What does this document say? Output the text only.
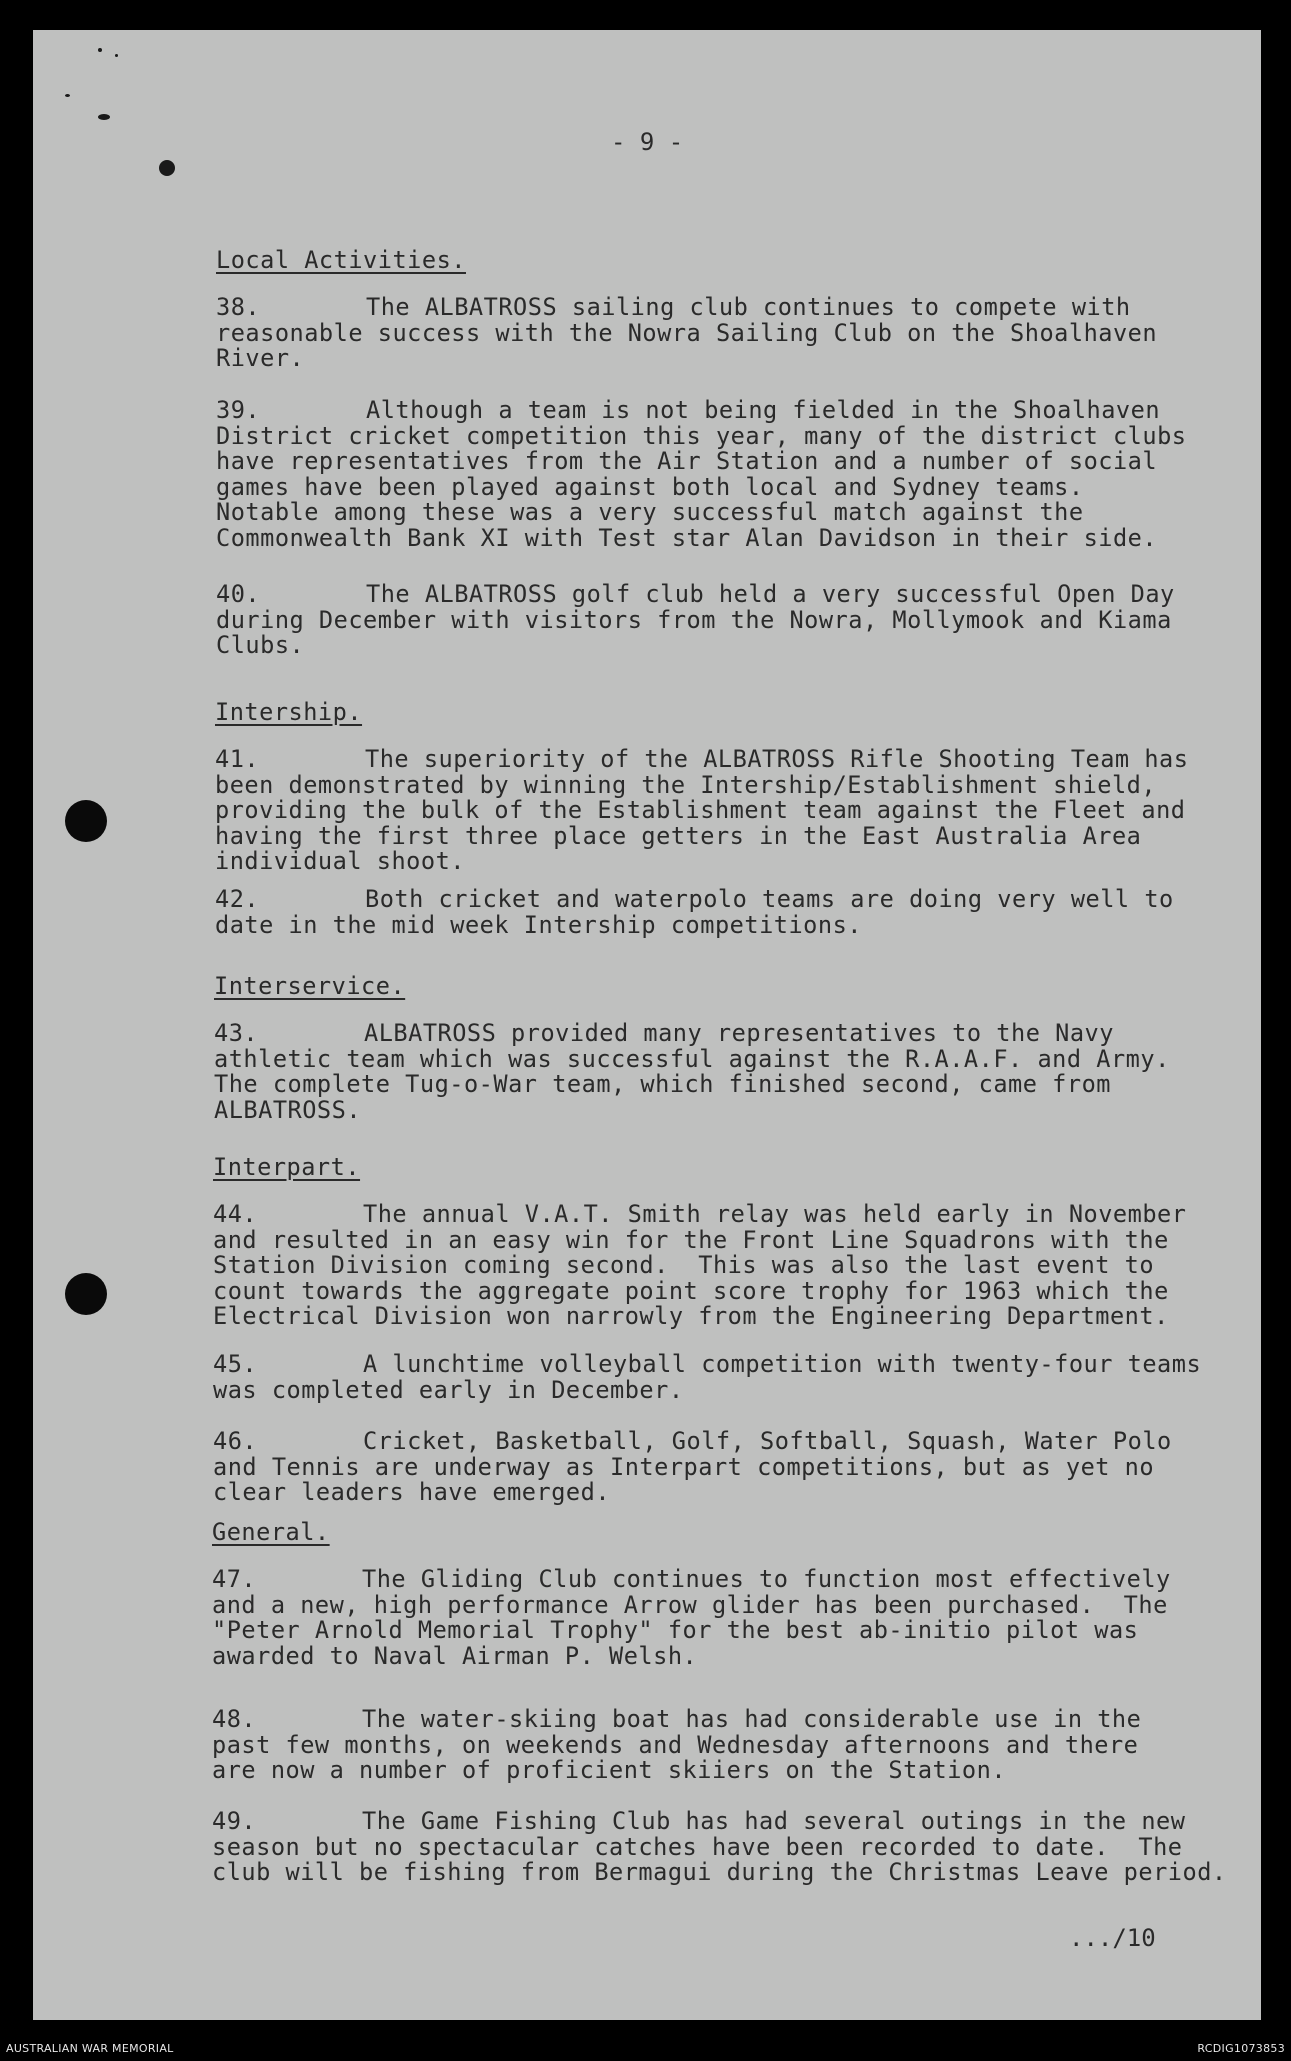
- 9 -
Local Activities.
38.	The ALBATROSS sailing club continues to compete with
reasonable success with the Nowra Sailing Club on the Shoalhaven
River.
39.	Although a team is not being fielded in the Shoalhaven
District cricket competition this year, many of the district clubs
have representatives from the Air Station and a number of social
games have been played against both local and Sydney teams.
Notable among these was a very successful match against the
Commonwealth Bank XI with Test star Alan Davidson in their side.
40.	The ALBATROSS golf club held a very successful Open Day
during December with visitors from the Nowra, Mollymook and Kiama
Clubs.
Intership.
41.	The superiority of the ALBATROSS Rifle Shooting Team has
been demonstrated by winning the Intership/Establishment shield,
providing the bulk of the Establishment team against the Fleet and
having the first three place getters in the East Australia Area
individual shoot.
42.	Both cricket and waterpolo teams are doing very well to
date in the mid week Intership competitions.
Interservice.
43.	ALBATROSS provided many representatives to the Navy
athletic team which was successful against the R.A.A.F. and Army.
The complete Tug-o-War team, which finished second, came from
ALBATROSS.
Interpart.
44.	The annual V.A.T. Smith relay was held early in November
and resulted in an easy win for the Front Line Squadrons with the
Station Division coming second.  This was also the last event to
count towards the aggregate point score trophy for 1963 which the
Electrical Division won narrowly from the Engineering Department.
45.	A lunchtime volleyball competition with twenty-four teams
was completed early in December.
46.	Cricket, Basketball, Golf, Softball, Squash, Water Polo
and Tennis are underway as Interpart competitions, but as yet no
clear leaders have emerged.
General.
47.	The Gliding Club continues to function most effectively
and a new, high performance Arrow glider has been purchased.  The
"Peter Arnold Memorial Trophy" for the best ab-initio pilot was
awarded to Naval Airman P. Welsh.
48.	The water-skiing boat has had considerable use in the
past few months, on weekends and Wednesday afternoons and there
are now a number of proficient skiiers on the Station.
49.	The Game Fishing Club has had several outings in the new
season but no spectacular catches have been recorded to date.  The
club will be fishing from Bermagui during the Christmas Leave period.
.../10
AUSTRALIAN WAR MEMORIAL	RCDIG1073853
